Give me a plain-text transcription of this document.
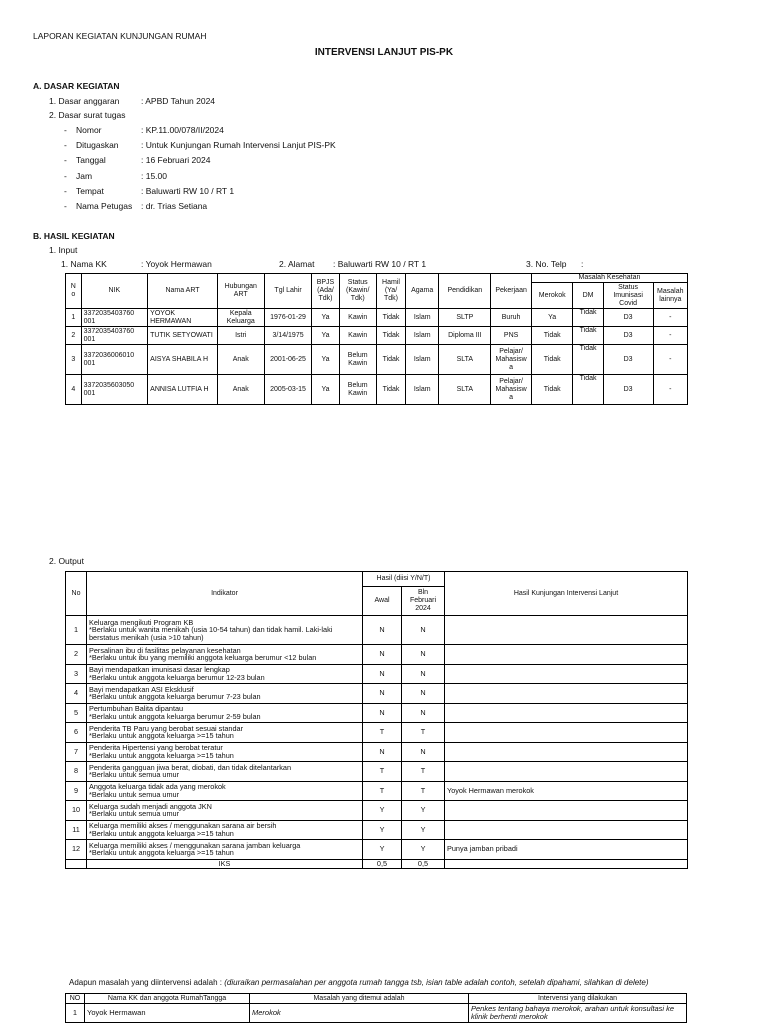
LAPORAN KEGIATAN KUNJUNGAN RUMAH
INTERVENSI LANJUT PIS-PK
A. DASAR KEGIATAN
1. Dasar anggaran	: APBD Tahun 2024
2. Dasar surat tugas
- Nomor	: KP.11.00/078/II/2024
- Ditugaskan	: Untuk Kunjungan Rumah Intervensi Lanjut PIS-PK
- Tanggal	: 16 Februari 2024
- Jam	: 15.00
- Tempat	: Baluwarti RW 10 / RT 1
- Nama Petugas : dr. Trias Setiana
B. HASIL KEGIATAN
1. Input
1. Nama KK	: Yoyok Hermawan	2. Alamat : Baluwarti RW 10 / RT 1	3. No. Telp :
N o	NIK	Nama ART	Hubungan ART	Tgl Lahir	BPJS (Ada/ Tdk)	Status (Kawin/ Tdk)	Hamil (Ya/ Tdk)	Agama	Pendidikan	Pekerjaan	Masalah Kesehatan			
											Merokok	DM	Status Imunisasi Covid	Masalah lainnya
1	3372035403760 001	YOYOK HERMAWAN	Kepala Keluarga	1976-01-29	Ya	Kawin	Tidak	Islam	SLTP	Buruh	Ya	Tidak	D3	-
2	3372035403760 001	TUTIK SETYOWATI	Istri	3/14/1975	Ya	Kawin	Tidak	Islam	Diploma III	PNS	Tidak	Tidak	D3	-
3	3372036006010 001	AISYA SHABILA H	Anak	2001-06-25	Ya	Belum Kawin	Tidak	Islam	SLTA	Pelajar/ Mahasisw a	Tidak	Tidak	D3	-
4	3372035603050 001	ANNISA LUTFIA H	Anak	2005-03-15	Ya	Belum Kawin	Tidak	Islam	SLTA	Pelajar/ Mahasisw a	Tidak	Tidak	D3	-
2. Output
No	Indikator	Hasil (diisi Y/N/T)		Hasil Kunjungan Intervensi Lanjut
		Awal	Bln Februari 2024	
1	Keluarga mengikuti Program KB
*Berlaku untuk wanita menikah (usia 10-54 tahun) dan tidak hamil. Laki-laki berstatus menikah (usia >10 tahun)	N	N	
2	Persalinan ibu di fasilitas pelayanan kesehatan
*Berlaku untuk ibu yang memiliki anggota keluarga berumur <12 bulan	N	N	
3	Bayi mendapatkan imunisasi dasar lengkap
*Berlaku untuk anggota keluarga berumur 12-23 bulan	N	N	
4	Bayi mendapatkan ASI Eksklusif
*Berlaku untuk anggota keluarga berumur 7-23 bulan	N	N	
5	Pertumbuhan Balita dipantau
*Berlaku untuk anggota keluarga berumur 2-59 bulan	N	N	
6	Penderita TB Paru yang berobat sesuai standar
*Berlaku untuk anggota keluarga >=15 tahun	T	T	
7	Penderita Hipertensi yang berobat teratur
*Berlaku untuk anggota keluarga >=15 tahun	N	N	
8	Penderita gangguan jiwa berat, diobati, dan tidak ditelantarkan
*Berlaku untuk semua umur	T	T	
9	Anggota keluarga tidak ada yang merokok
*Berlaku untuk semua umur	T	T	Yoyok Hermawan merokok
10	Keluarga sudah menjadi anggota JKN
*Berlaku untuk semua umur	Y	Y	
11	Keluarga memiliki akses / menggunakan sarana air bersih
*Berlaku untuk anggota keluarga >=15 tahun	Y	Y	
12	Keluarga memiliki akses / menggunakan sarana jamban keluarga
*Berlaku untuk anggota keluarga >=15 tahun	Y	Y	Punya jamban pribadi
	IKS	0,5	0,5	
Adapun masalah yang diintervensi adalah : (diuraikan permasalahan per anggota rumah tangga tsb, isian table adalah contoh, setelah dipahami, silahkan di delete)
NO	Nama KK dan anggota RumahTangga	Masalah yang ditemui adalah	Intervensi yang dilakukan
1	Yoyok Hermawan	Merokok	Penkes tentang bahaya merokok, arahan untuk konsultasi ke klinik berhenti merokok
